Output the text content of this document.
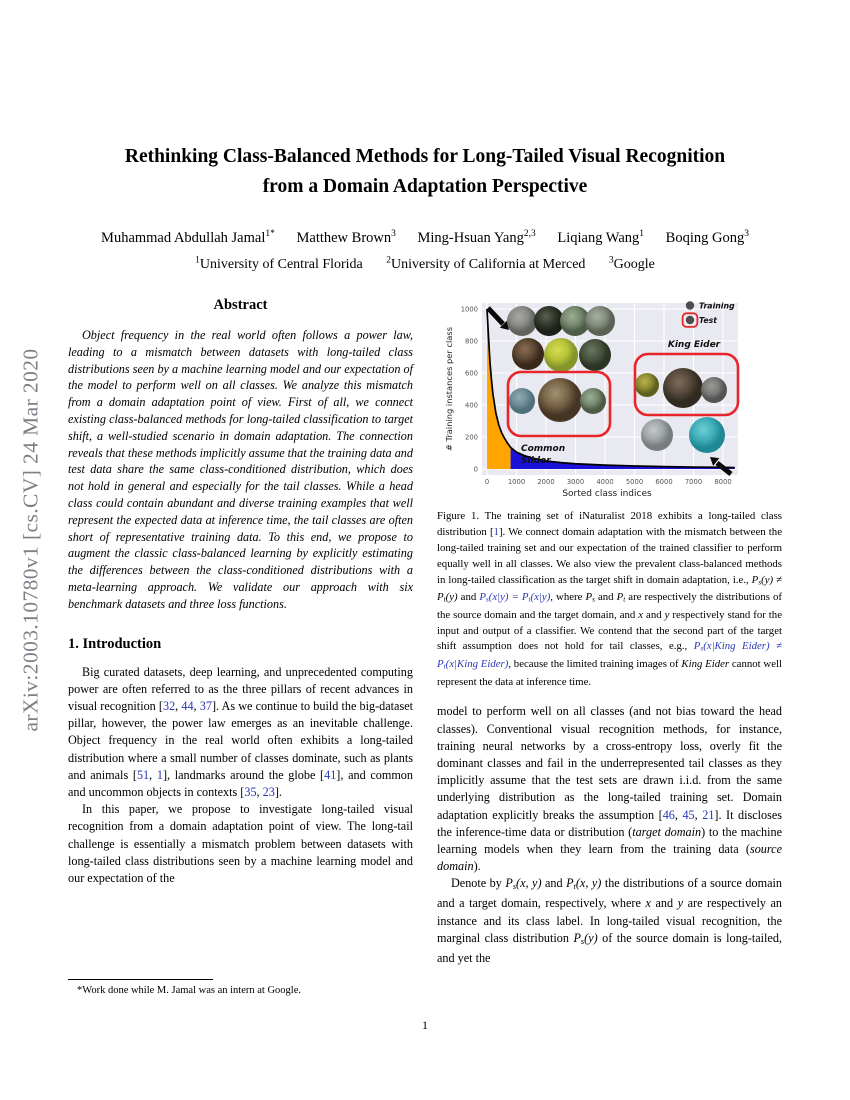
arXiv:2003.10780v1 [cs.CV] 24 Mar 2020
Rethinking Class-Balanced Methods for Long-Tailed Visual Recognition
from a Domain Adaptation Perspective
Muhammad Abdullah Jamal$^{1*}$ Matthew Brown$^3$ Ming-Hsuan Yang$^{2,3}$ Liqiang Wang$^1$ Boqing Gong$^3$
$^1$University of Central Florida $^2$University of California at Merced $^3$Google
Abstract

Object frequency in the real world often follows a power law, leading to a mismatch between datasets with long-tailed class distributions seen by a machine learning model and our expectation of the model to perform well on all classes. We analyze this mismatch from a domain adaptation point of view. First of all, we connect existing class-balanced methods for long-tailed classification to target shift, a well-studied scenario in domain adaptation. The connection reveals that these methods implicitly assume that the training data and test data share the same class-conditioned distribution, which does not hold in general and especially for the tail classes. While a head class could contain abundant and diverse training examples that well represent the expected data at inference time, the tail classes are often short of representative training data. To this end, we propose to augment the classic class-balanced learning by explicitly estimating the differences between the class-conditioned distributions with a meta-learning approach. We validate our approach with six benchmark datasets and three loss functions.

1. Introduction

Big curated datasets, deep learning, and unprecedented computing power are often referred to as the three pillars of recent advances in visual recognition [32, 44, 37]. As we continue to build the big-dataset pillar, however, the power law emerges as an inevitable challenge. Object frequency in the real world often exhibits a long-tailed distribution where a small number of classes dominate, such as plants and animals [51, 1], landmarks around the globe [41], and common and uncommon objects in contexts [35, 23].

In this paper, we propose to investigate long-tailed visual recognition from a domain adaptation point of view. The long-tail challenge is essentially a mismatch problem between datasets with long-tailed class distributions seen by a machine learning model and our expectation of the

*Work done while M. Jamal was an intern at Google.

0	1000 2000 3000 4000 5000 6000 7000 8000
0
200
400
600
800
1000
Sorted class indices
# Training instances per class	Common
Slider
King Eider
Training
Test
Figure 1. The training set of iNaturalist 2018 exhibits a long-tailed class distribution [1]. We connect domain adaptation with the mismatch between the long-tailed training set and our expectation of the trained classifier to perform equally well in all classes. We also view the prevalent class-balanced methods in long-tailed classification as the target shift in domain adaptation, i.e., Ps(y) ≠ Pt(y) and Ps(x|y) = Pt(x|y), where Ps and Pt are respectively the distributions of the source domain and the target domain, and x and y respectively stand for the input and output of a classifier. We contend that the second part of the target shift assumption does not hold for tail classes, e.g., Ps(x|King Eider) ≠ Pt(x|King Eider), because the limited training images of King Eider cannot well represent the data at inference time.

model to perform well on all classes (and not bias toward the head classes). Conventional visual recognition methods, for instance, training neural networks by a cross-entropy loss, overly fit the dominant classes and fail in the underrepresented tail classes as they implicitly assume that the test sets are drawn i.i.d. from the same underlying distribution as the long-tailed training set. Domain adaptation explicitly breaks the assumption [46, 45, 21]. It discloses the inference-time data or distribution (target domain) to the machine learning models when they learn from the training data (source domain).

Denote by Ps(x, y) and Pt(x, y) the distributions of a source domain and a target domain, respectively, where x and y are respectively an instance and its class label. In long-tailed visual recognition, the marginal class distribution Ps(y) of the source domain is long-tailed, and yet the

1
